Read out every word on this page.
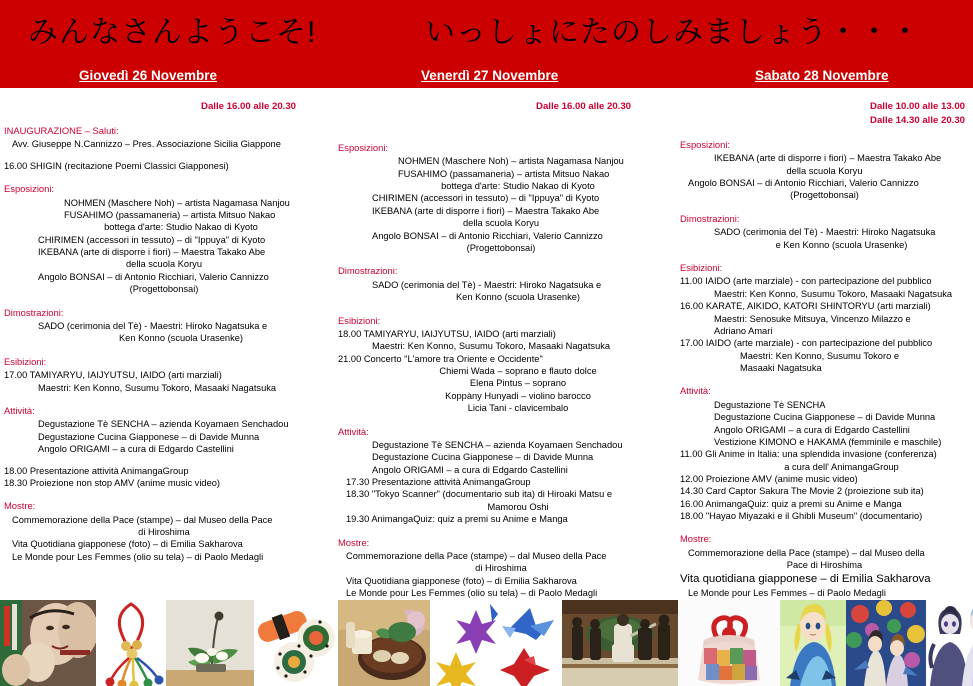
みんなさんようこそ!	いっしょにたのしみましょう・・・
Giovedì 26 Novembre	Venerdì 27 Novembre	Sabato 28 Novembre
Dalle 16.00 alle 20.30
INAUGURAZIONE – Saluti:
Avv. Giuseppe N.Cannizzo – Pres. Associazione Sicilia Giappone
16.00 SHIGIN (recitazione Poemi Classici Giapponesi)
Esposizioni:
NOHMEN (Maschere Noh) – artista Nagamasa Nanjou
FUSAHIMO (passamaneria) – artista Mitsuo Nakao
bottega d'arte: Studio Nakao di Kyoto
CHIRIMEN (accessori in tessuto) – di "Ippuya" di Kyoto
IKEBANA (arte di disporre i fiori) – Maestra Takako Abe
della scuola Koryu
Angolo BONSAI – di Antonio Ricchiari, Valerio Cannizzo
(Progettobonsai)
Dimostrazioni:
SADO (cerimonia del Tè) - Maestri: Hiroko Nagatsuka e
Ken Konno (scuola Urasenke)
Esibizioni:
17.00 TAMIYARYU, IAIJYUTSU, IAIDO (arti marziali)
Maestri: Ken Konno, Susumu Tokoro, Masaaki Nagatsuka
Attività:
Degustazione Tè SENCHA – azienda Koyamaen Senchadou
Degustazione Cucina Giapponese – di Davide Munna
Angolo ORIGAMI – a cura di Edgardo Castellini
18.00 Presentazione attività AnimangaGroup
18.30 Proiezione non stop AMV (anime music video)
Mostre:
Commemorazione della Pace (stampe) – dal Museo della Pace
di Hiroshima
Vita Quotidiana giapponese (foto) – di Emilia Sakharova
Le Monde pour Les Femmes (olio su tela) – di Paolo Medagli
Dalle 16.00 alle 20.30
Esposizioni:
NOHMEN (Maschere Noh) – artista Nagamasa Nanjou
FUSAHIMO (passamaneria) – artista Mitsuo Nakao
bottega d'arte: Studio Nakao di Kyoto
CHIRIMEN (accessori in tessuto) – di "Ippuya" di Kyoto
IKEBANA (arte di disporre i fiori) – Maestra Takako Abe
della scuola Koryu
Angolo BONSAI – di Antonio Ricchiari, Valerio Cannizzo
(Progettobonsai)
Dimostrazioni:
SADO (cerimonia del Tè) - Maestri: Hiroko Nagatsuka e
Ken Konno (scuola Urasenke)
Esibizioni:
18.00 TAMIYARYU, IAIJYUTSU, IAIDO (arti marziali)
Maestri: Ken Konno, Susumu Tokoro, Masaaki Nagatsuka
21.00 Concerto "L'amore tra Oriente e Occidente"
Chiemi Wada – soprano e flauto dolce
Elena Pintus – soprano
Koppàny Hunyadi – violino barocco
Licia Tani - clavicembalo
Attività:
Degustazione Tè SENCHA – azienda Koyamaen Senchadou
Degustazione Cucina Giapponese – di Davide Munna
Angolo ORIGAMI – a cura di Edgardo Castellini
17.30 Presentazione attività AnimangaGroup
18.30 "Tokyo Scanner" (documentario sub ita) di Hiroaki Matsu e
Mamorou Oshi
19.30 AnimangaQuiz: quiz a premi su Anime e Manga
Mostre:
Commemorazione della Pace (stampe) – dal Museo della Pace
di Hiroshima
Vita Quotidiana giapponese (foto) – di Emilia Sakharova
Le Monde pour Les Femmes (olio su tela) – di Paolo Medagli
Dalle 10.00 alle 13.00
Dalle 14.30 alle 20.30
Esposizioni:
IKEBANA (arte di disporre i fiori) – Maestra Takako Abe
della scuola Koryu
Angolo BONSAI – di Antonio Ricchiari, Valerio Cannizzo
(Progettobonsai)
Dimostrazioni:
SADO (cerimonia del Tè) - Maestri: Hiroko Nagatsuka
e Ken Konno (scuola Urasenke)
Esibizioni:
11.00 IAIDO (arte marziale) - con partecipazione del pubblico
Maestri: Ken Konno, Susumu Tokoro, Masaaki Nagatsuka
16.00 KARATE, AIKIDO, KATORI SHINTORYU (arti marziali)
Maestri: Senosuke Mitsuya, Vincenzo Milazzo e
Adriano Amari
17.00 IAIDO (arte marziale) - con partecipazione del pubblico
Maestri: Ken Konno, Susumu Tokoro e
Masaaki Nagatsuka
Attività:
Degustazione Tè SENCHA
Degustazione Cucina Giapponese – di Davide Munna
Angolo ORIGAMI – a cura di Edgardo Castellini
Vestizione KIMONO e HAKAMA (femminile e maschile)
11.00 Gli Anime in Italia: una splendida invasione (conferenza)
a cura dell' AnimangaGroup
12.00 Proiezione AMV (anime music video)
14.30 Card Captor Sakura The Movie 2 (proiezione sub ita)
16.00 AnimangaQuiz: quiz a premi su Anime e Manga
18.00 "Hayao Miyazaki e il Ghibli Museum" (documentario)
Mostre:
Commemorazione della Pace (stampe) – dal Museo della
Pace di Hiroshima
Vita quotidiana giapponese – di Emilia Sakharova
Le Monde pour Les Femmes – di Paolo Medagli
